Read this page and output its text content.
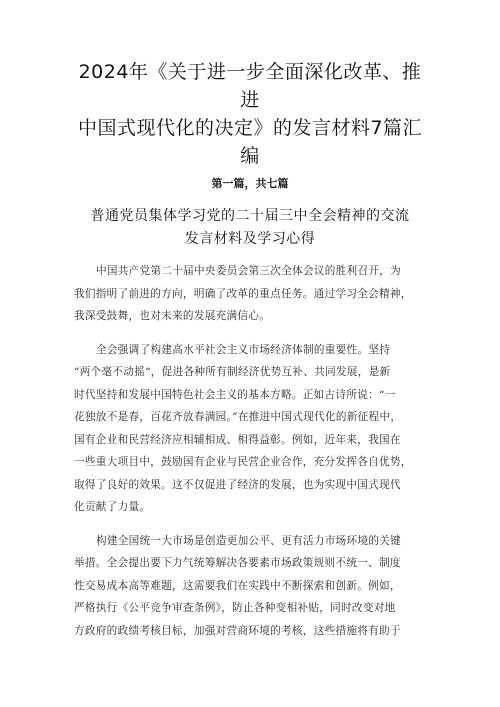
2024年《关于进一步全面深化改革、推进
中国式现代化的决定》的发言材料7篇汇
编
第一篇，共七篇
普通党员集体学习党的二十届三中全会精神的交流
发言材料及学习心得
中国共产党第二十届中央委员会第三次全体会议的胜利召开，为
我们指明了前进的方向，明确了改革的重点任务。通过学习全会精神，
我深受鼓舞，也对未来的发展充满信心。
全会强调了构建高水平社会主义市场经济体制的重要性。坚持
“两个毫不动摇“，促进各种所有制经济优势互补、共同发展，是新
时代坚持和发展中国特色社会主义的基本方略。正如古诗所说：“一
花独放不是春，百花齐放春满园。”在推进中国式现代化的新征程中，
国有企业和民营经济应相辅相成、相得益彰。例如，近年来，我国在
一些重大项目中，鼓励国有企业与民营企业合作，充分发挥各自优势，
取得了良好的效果。这不仅促进了经济的发展，也为实现中国式现代
化贡献了力量。
构建全国统一大市场是创造更加公平、更有活力市场环境的关键
举措。全会提出要下力气统筹解决各要素市场政策规则不统一、制度
性交易成本高等难题，这需要我们在实践中不断探索和创新。例如，
严格执行《公平竞争审查条例》，防止各种变相补贴，同时改变对地
方政府的政绩考核目标，加强对营商环境的考核，这些措施将有助于
